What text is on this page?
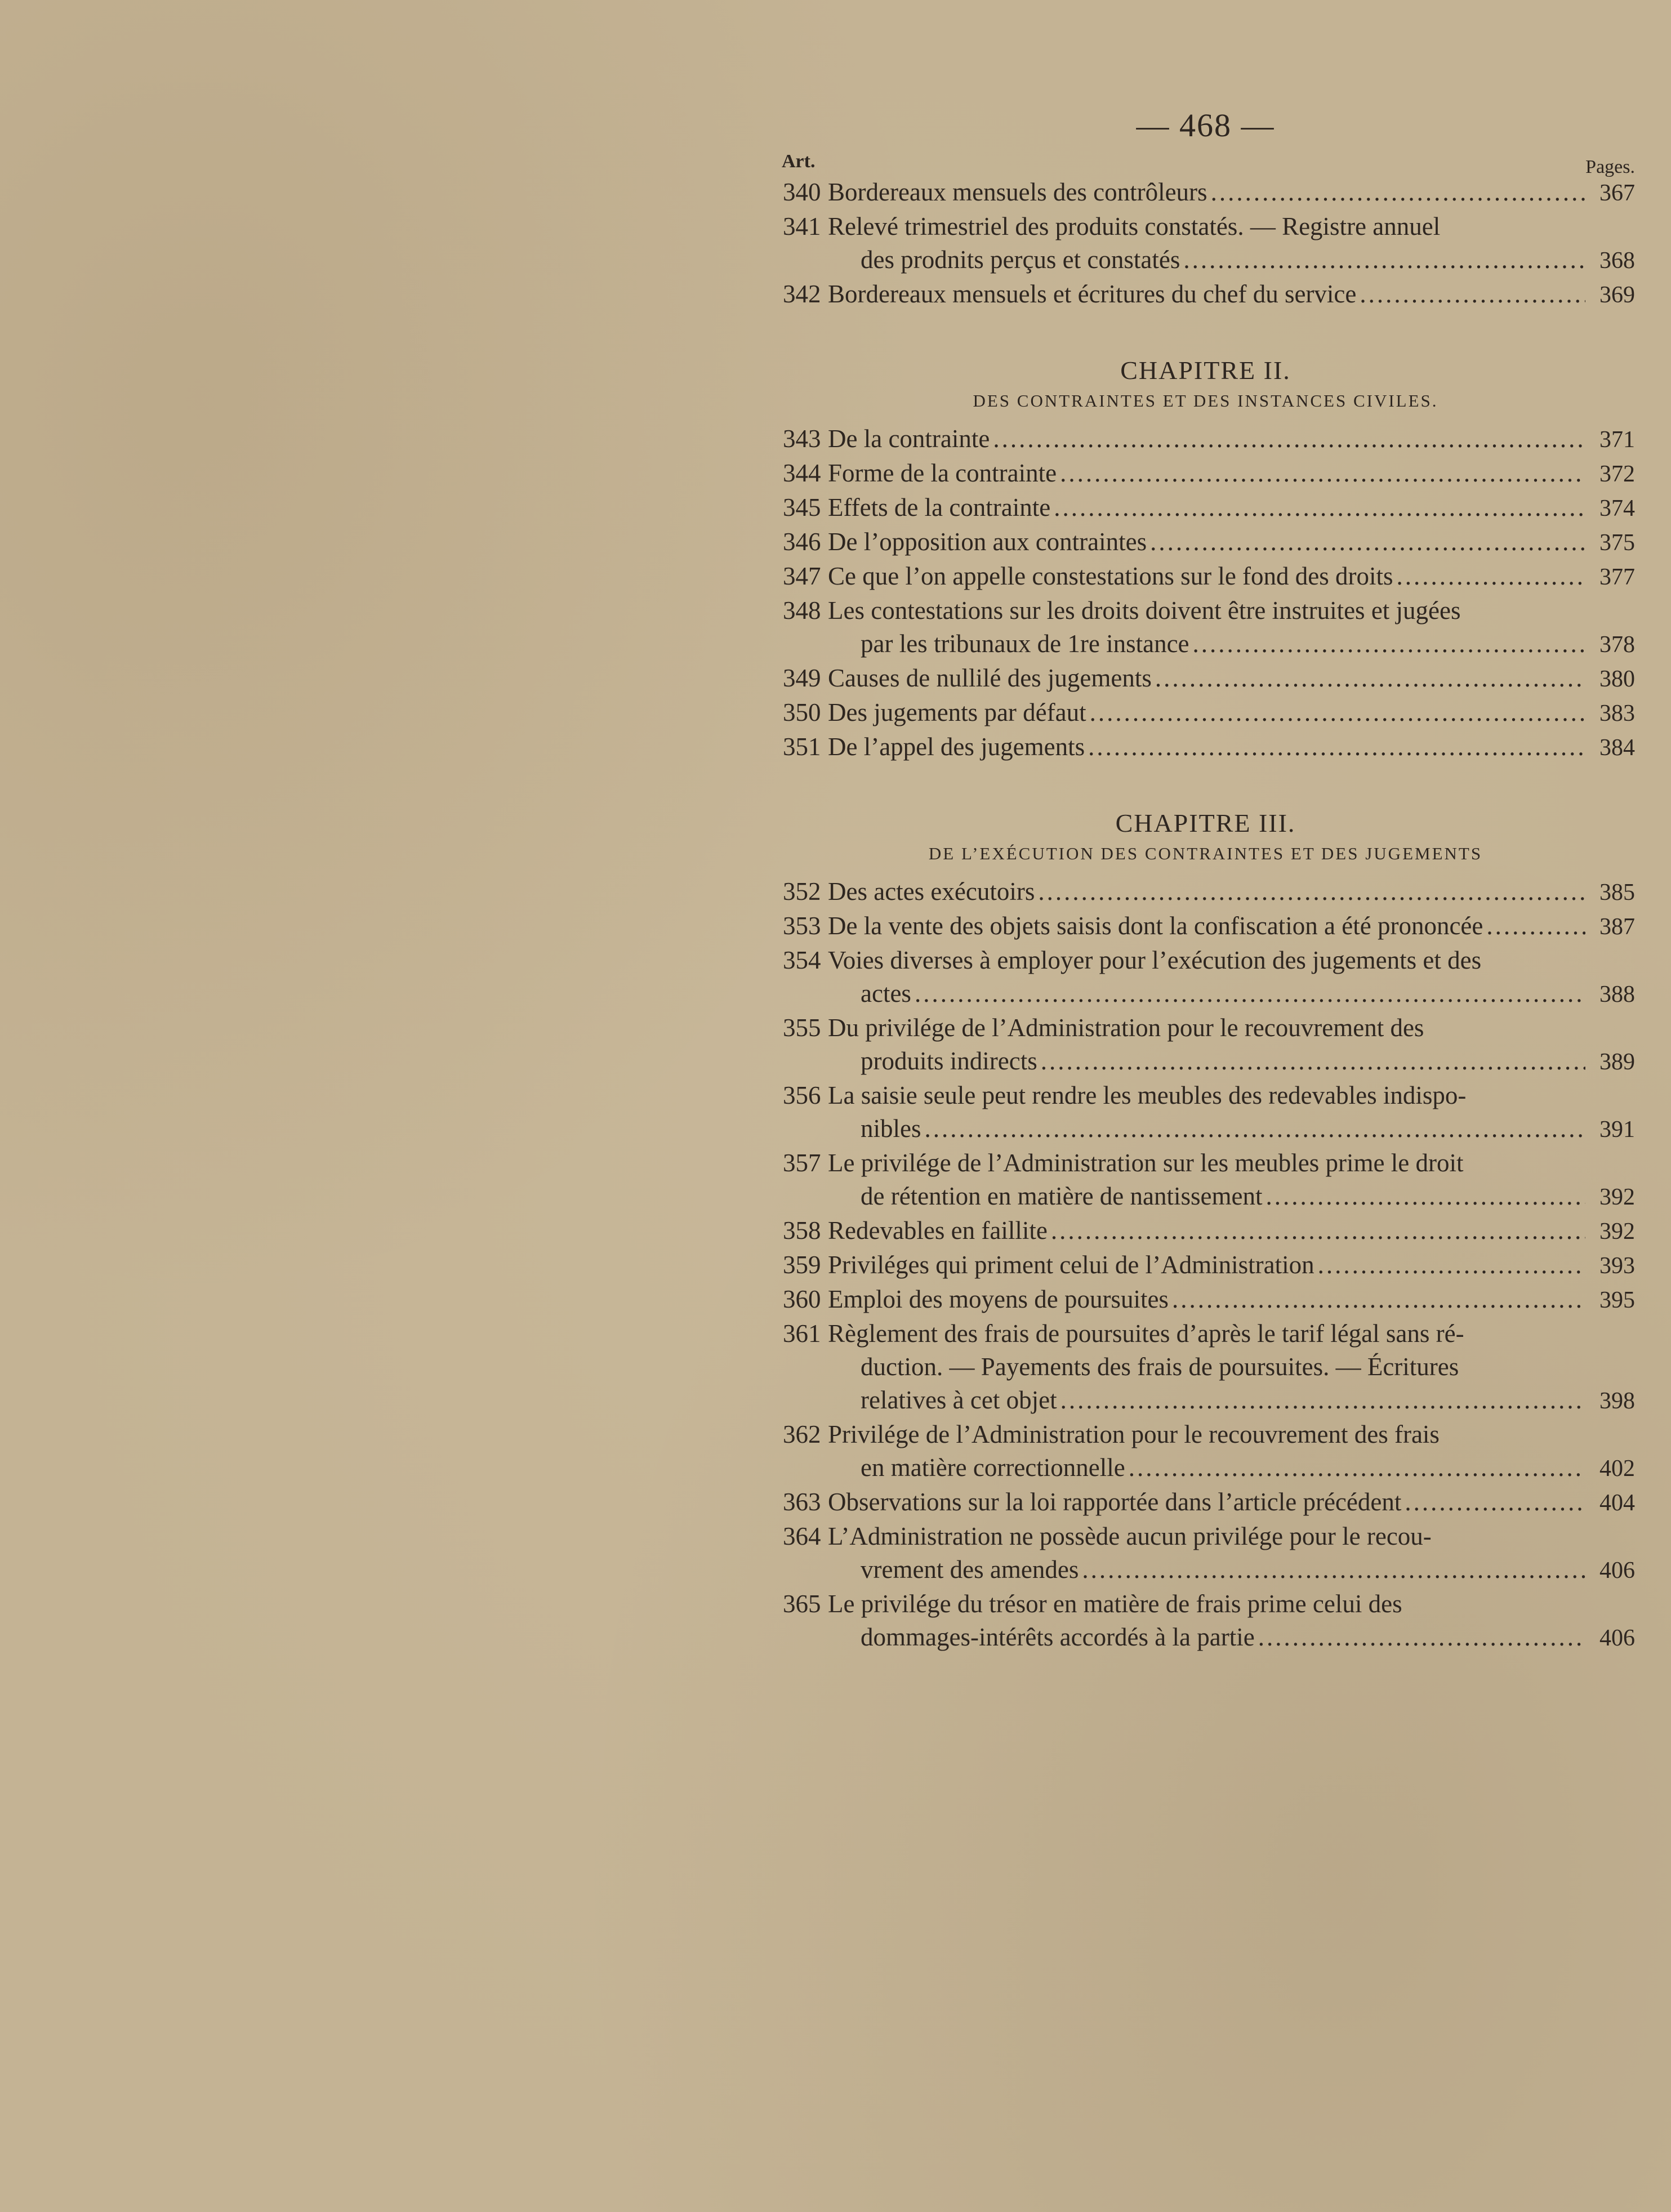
— 468 —
Art.	Pages.
340 Bordereaux mensuels des contrôleurs .....	367
341 Relevé trimestriel des produits constatés. — Registre annuel
des prodnits perçus et constatés .....	368
342 Bordereaux mensuels et écritures du chef du service .....	369
CHAPITRE II.
DES CONTRAINTES ET DES INSTANCES CIVILES.
343 De la contrainte .....	371
344 Forme de la contrainte .....	372
345 Effets de la contrainte .....	374
346 De l’opposition aux contraintes .....	375
347 Ce que l’on appelle constestations sur le fond des droits .....	377
348 Les contestations sur les droits doivent être instruites et jugées
par les tribunaux de 1re instance .....	378
349 Causes de nullilé des jugements .....	380
350 Des jugements par défaut .....	383
351 De l’appel des jugements .....	384
CHAPITRE III.
DE L’EXÉCUTION DES CONTRAINTES ET DES JUGEMENTS
352 Des actes exécutoirs .....	385
353 De la vente des objets saisis dont la confiscation a été prononcée .....	387
354 Voies diverses à employer pour l’exécution des jugements et des
actes .....	388
355 Du privilége de l’Administration pour le recouvrement des
produits indirects .....	389
356 La saisie seule peut rendre les meubles des redevables indispo-
nibles .....	391
357 Le privilége de l’Administration sur les meubles prime le droit
de rétention en matière de nantissement .....	392
358 Redevables en faillite .....	392
359 Priviléges qui priment celui de l’Administration .....	393
360 Emploi des moyens de poursuites .....	395
361 Règlement des frais de poursuites d’après le tarif légal sans ré-
duction. — Payements des frais de poursuites. — Écritures
relatives à cet objet .....	398
362 Privilége de l’Administration pour le recouvrement des frais
en matière correctionnelle .....	402
363 Observations sur la loi rapportée dans l’article précédent .....	404
364 L’Administration ne possède aucun privilége pour le recou-
vrement des amendes .....	406
365 Le privilége du trésor en matière de frais prime celui des
dommages-intérêts accordés à la partie .....	406
